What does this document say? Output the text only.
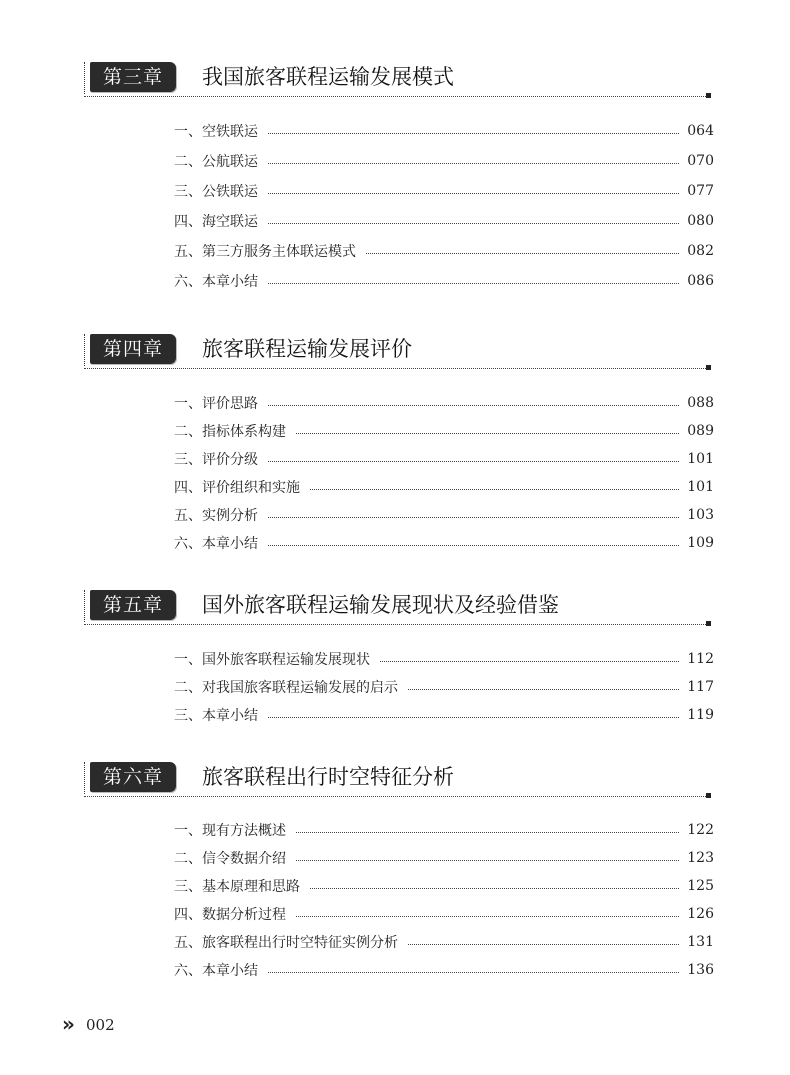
第三章	我国旅客联程运输发展模式
一、空铁联运	064
二、公航联运	070
三、公铁联运	077
四、海空联运	080
五、第三方服务主体联运模式	082
六、本章小结	086
第四章	旅客联程运输发展评价
一、评价思路	088
二、指标体系构建	089
三、评价分级	101
四、评价组织和实施	101
五、实例分析	103
六、本章小结	109
第五章	国外旅客联程运输发展现状及经验借鉴
一、国外旅客联程运输发展现状	112
二、对我国旅客联程运输发展的启示	117
三、本章小结	119
第六章	旅客联程出行时空特征分析
一、现有方法概述	122
二、信令数据介绍	123
三、基本原理和思路	125
四、数据分析过程	126
五、旅客联程出行时空特征实例分析	131
六、本章小结	136
» 002
